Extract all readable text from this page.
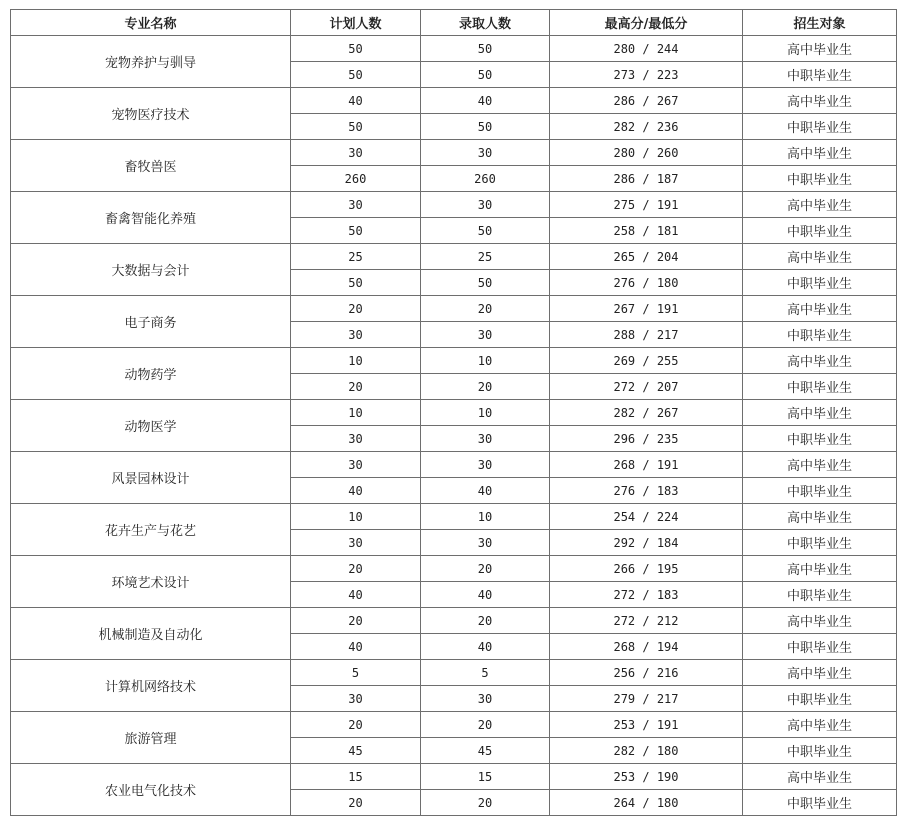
专业名称	计划人数	录取人数	最高分/最低分	招生对象
宠物养护与驯导	50	50	280 / 244	高中毕业生
	50	50	273 / 223	中职毕业生
宠物医疗技术	40	40	286 / 267	高中毕业生
	50	50	282 / 236	中职毕业生
畜牧兽医	30	30	280 / 260	高中毕业生
	260	260	286 / 187	中职毕业生
畜禽智能化养殖	30	30	275 / 191	高中毕业生
	50	50	258 / 181	中职毕业生
大数据与会计	25	25	265 / 204	高中毕业生
	50	50	276 / 180	中职毕业生
电子商务	20	20	267 / 191	高中毕业生
	30	30	288 / 217	中职毕业生
动物药学	10	10	269 / 255	高中毕业生
	20	20	272 / 207	中职毕业生
动物医学	10	10	282 / 267	高中毕业生
	30	30	296 / 235	中职毕业生
风景园林设计	30	30	268 / 191	高中毕业生
	40	40	276 / 183	中职毕业生
花卉生产与花艺	10	10	254 / 224	高中毕业生
	30	30	292 / 184	中职毕业生
环境艺术设计	20	20	266 / 195	高中毕业生
	40	40	272 / 183	中职毕业生
机械制造及自动化	20	20	272 / 212	高中毕业生
	40	40	268 / 194	中职毕业生
计算机网络技术	5	5	256 / 216	高中毕业生
	30	30	279 / 217	中职毕业生
旅游管理	20	20	253 / 191	高中毕业生
	45	45	282 / 180	中职毕业生
农业电气化技术	15	15	253 / 190	高中毕业生
	20	20	264 / 180	中职毕业生
